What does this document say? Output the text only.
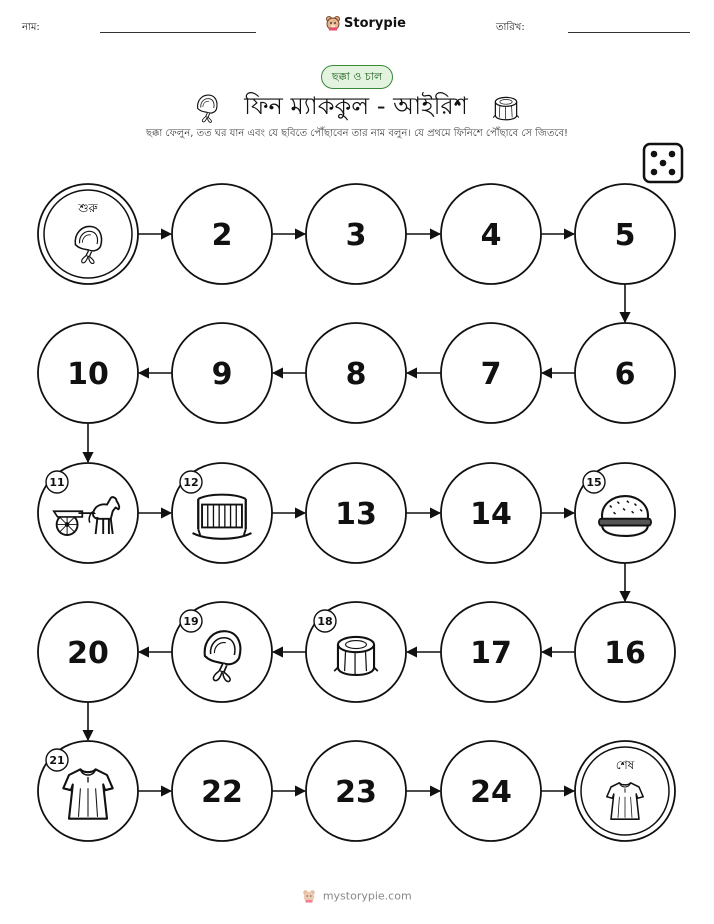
নাম:	Storypie	তারিখ:
ছক্কা ও চাল
ফিন ম্যাককুল - আইরিশ
ছক্কা ফেলুন, তত ঘর যান এবং যে ছবিতে পৌঁছাবেন তার নাম বলুন। যে প্রথমে ফিনিশে পৌঁছাবে সে জিতবে!
শুরু
2	3	4	5
6
7
8
9
10
11	12
13	14
15
16
17
18
19
20
21
22	23	24
শেষ
mystorypie.com
